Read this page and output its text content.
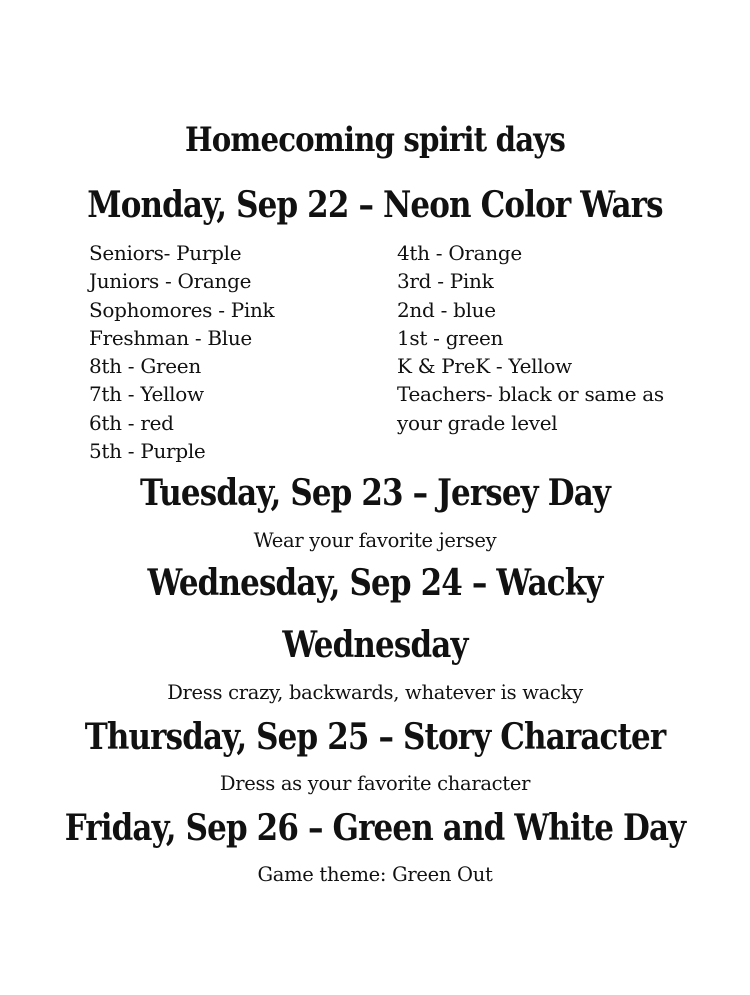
Homecoming spirit days
Monday, Sep 22 – Neon Color Wars
Seniors- Purple
Juniors - Orange
Sophomores - Pink
Freshman - Blue
8th - Green
7th - Yellow
6th - red
5th - Purple
4th - Orange
3rd - Pink
2nd - blue
1st - green
K & PreK - Yellow
Teachers- black or same as
your grade level
Tuesday, Sep 23 – Jersey Day

Wear your favorite jersey

Wednesday, Sep 24 – Wacky
Wednesday

Dress crazy, backwards, whatever is wacky

Thursday, Sep 25 – Story Character

Dress as your favorite character

Friday, Sep 26 – Green and White Day

Game theme: Green Out
